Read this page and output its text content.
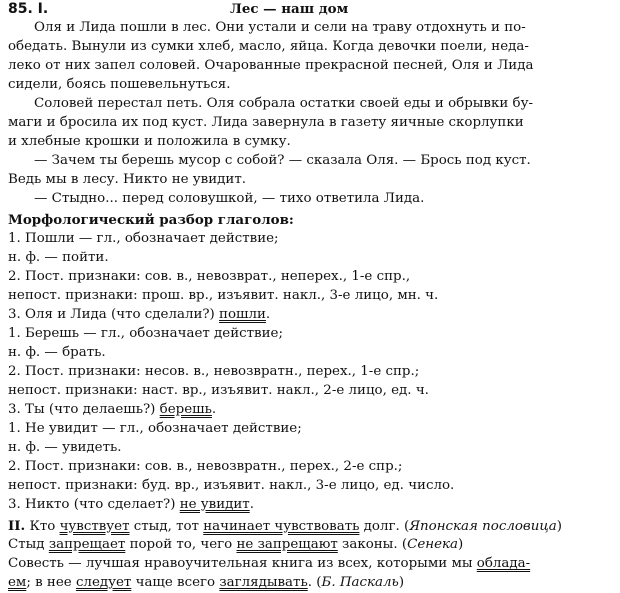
85. I.	Лес — наш дом
Оля и Лида пошли в лес. Они устали и сели на траву отдохнуть и по-
обедать. Вынули из сумки хлеб, масло, яйца. Когда девочки поели, неда-
леко от них запел соловей. Очарованные прекрасной песней, Оля и Лида
сидели, боясь пошевельнуться.
Соловей перестал петь. Оля собрала остатки своей еды и обрывки бу-
маги и бросила их под куст. Лида завернула в газету яичные скорлупки
и хлебные крошки и положила в сумку.
— Зачем ты берешь мусор с собой? — сказала Оля. — Брось под куст.
Ведь мы в лесу. Никто не увидит.
— Стыдно... перед соловушкой, — тихо ответила Лида.
Морфологический разбор глаголов:
1. Пошли — гл., обозначает действие;
н. ф. — пойти.
2. Пост. признаки: сов. в., невозврат., неперех., 1-е спр.,
непост. признаки: прош. вр., изъявит. накл., 3-е лицо, мн. ч.
3. Оля и Лида (что сделали?) пошли.
1. Берешь — гл., обозначает действие;
н. ф. — брать.
2. Пост. признаки: несов. в., невозвратн., перех., 1-е спр.;
непост. признаки: наст. вр., изъявит. накл., 2-е лицо, ед. ч.
3. Ты (что делаешь?) берешь.
1. Не увидит — гл., обозначает действие;
н. ф. — увидеть.
2. Пост. признаки: сов. в., невозвратн., перех., 2-е спр.;
непост. признаки: буд. вр., изъявит. накл., 3-е лицо, ед. число.
3. Никто (что сделает?) не увидит.
II. Кто чувствует стыд, тот начинает чувствовать долг. (Японская пословица)
Стыд запрещает порой то, чего не запрещают законы. (Сенека)
Совесть — лучшая нравоучительная книга из всех, которыми мы облада-
ем; в нее следует чаще всего заглядывать. (Б. Паскаль)
